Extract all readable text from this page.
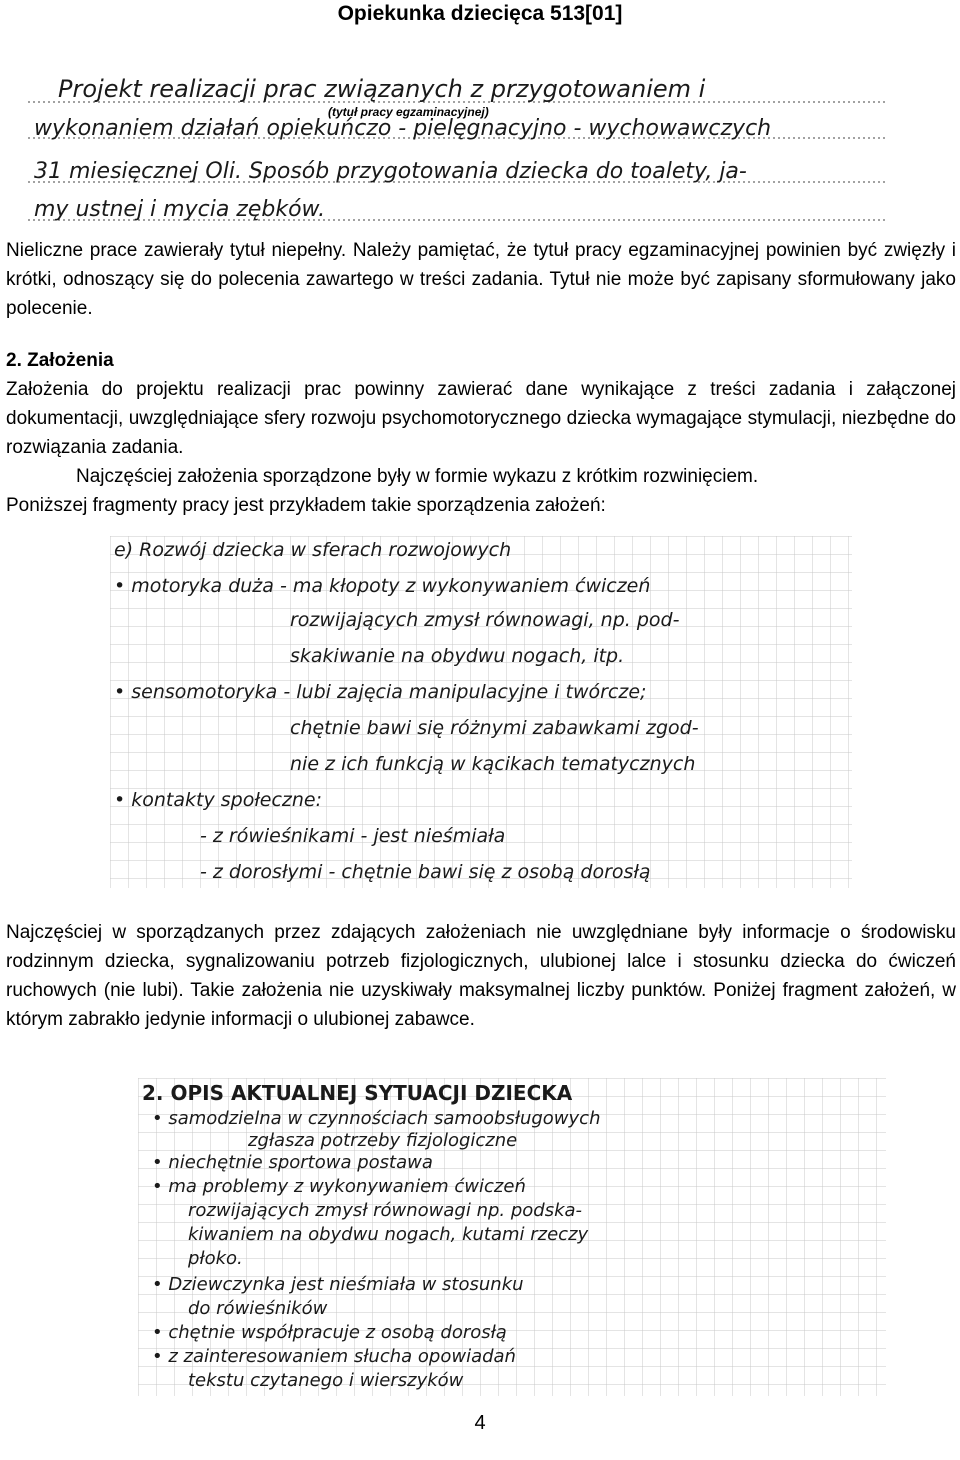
Opiekunka dziecięca 513[01]
Projekt realizacji prac związanych z przygotowaniem i
(tytuł pracy egzaminacyjnej)
wykonaniem działań opiekuńczo - pielęgnacyjno - wychowawczych
31 miesięcznej Oli. Sposób przygotowania dziecka do toalety, ja-
my ustnej i mycia zębków.

Nieliczne prace zawierały tytuł niepełny. Należy pamiętać, że tytuł pracy egzaminacyjnej powinien być zwięzły i krótki, odnoszący się do polecenia zawartego w treści zadania. Tytuł nie może być zapisany sformułowany jako polecenie.

2. Założenia

Założenia do projektu realizacji prac powinny zawierać dane wynikające z treści zadania i załączonej dokumentacji, uwzględniające sfery rozwoju psychomotorycznego dziecka wymagające stymulacji, niezbędne do rozwiązania zadania.

Najczęściej założenia sporządzone były w formie wykazu z krótkim rozwinięciem.

Poniższej fragmenty pracy jest przykładem takie sporządzenia założeń:

e) Rozwój dziecka w sferach rozwojowych
• motoryka duża - ma kłopoty z wykonywaniem ćwiczeń
rozwijających zmysł równowagi, np. pod-
skakiwanie na obydwu nogach, itp.
• sensomotoryka - lubi zajęcia manipulacyjne i twórcze;
chętnie bawi się różnymi zabawkami zgod-
nie z ich funkcją w kącikach tematycznych
• kontakty społeczne:
- z rówieśnikami - jest nieśmiała
- z dorosłymi - chętnie bawi się z osobą dorosłą

Najczęściej w sporządzanych przez zdających założeniach nie uwzględniane były informacje o środowisku rodzinnym dziecka, sygnalizowaniu potrzeb fizjologicznych, ulubionej lalce i stosunku dziecka do ćwiczeń ruchowych (nie lubi). Takie założenia nie uzyskiwały maksymalnej liczby punktów. Poniżej fragment założeń, w którym zabrakło jedynie informacji o ulubionej zabawce.

2. OPIS AKTUALNEJ SYTUACJI DZIECKA
• samodzielna w czynnościach samoobsługowych
zgłasza potrzeby fizjologiczne
• niechętnie sportowa postawa
• ma problemy z wykonywaniem ćwiczeń
rozwijających zmysł równowagi np. podska-
kiwaniem na obydwu nogach, kutami rzeczy
płoko.
• Dziewczynka jest nieśmiała w stosunku
do rówieśników
• chętnie współpracuje z osobą dorosłą
• z zainteresowaniem słucha opowiadań
tekstu czytanego i wierszyków
4
